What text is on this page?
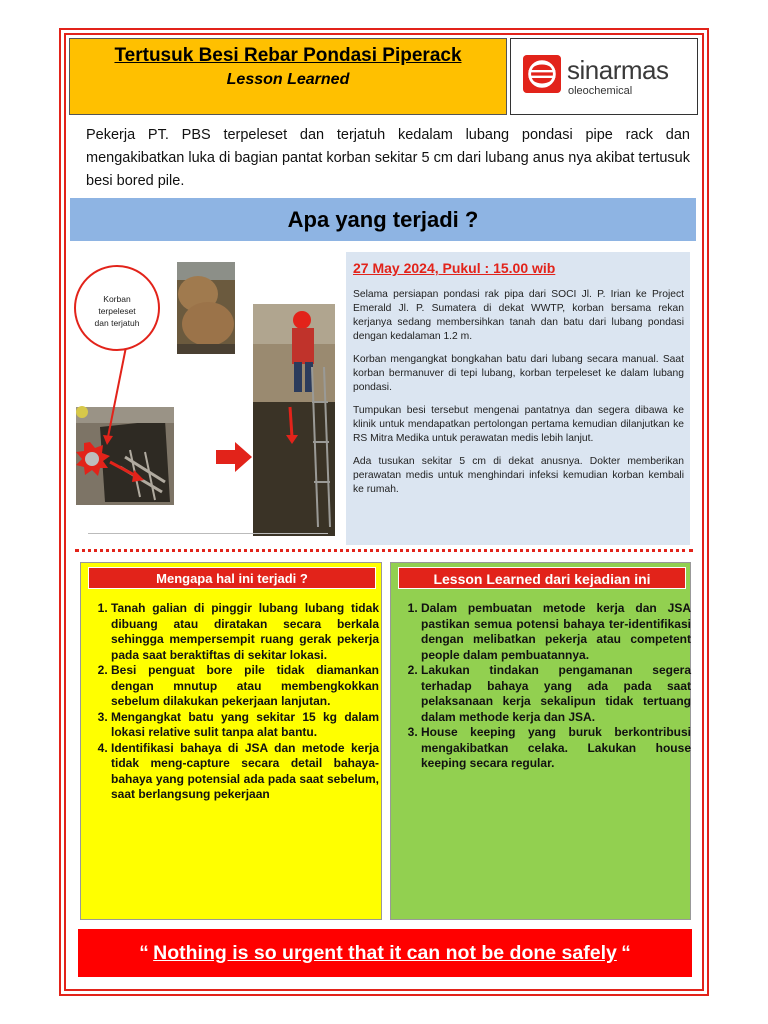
Tertusuk Besi Rebar Pondasi Piperack
Lesson Learned	sinarmas
oleochemical
Pekerja PT. PBS terpeleset dan terjatuh kedalam lubang pondasi pipe rack dan mengakibatkan luka di bagian pantat korban sekitar 5 cm dari lubang anus nya akibat tertusuk besi bored pile.
Apa yang terjadi ?
Korban
terpeleset
dan terjatuh
27 May 2024, Pukul : 15.00 wib

Selama persiapan pondasi rak pipa dari SOCI Jl. P. Irian ke Project Emerald Jl. P. Sumatera di dekat WWTP, korban bersama rekan kerjanya sedang membersihkan tanah dan batu dari lubang pondasi dengan kedalaman 1.2 m.

Korban mengangkat bongkahan batu dari lubang secara manual. Saat korban bermanuver di tepi lubang, korban terpeleset ke dalam lubang pondasi.

Tumpukan besi tersebut mengenai pantatnya dan segera dibawa ke klinik untuk mendapatkan pertolongan pertama kemudian dilanjutkan ke RS Mitra Medika untuk perawatan medis lebih lanjut.

Ada tusukan sekitar 5 cm di dekat anusnya. Dokter memberikan perawatan medis untuk menghindari infeksi kemudian korban kembali ke rumah.

Mengapa hal ini terjadi ?
1. Tanah galian di pinggir lubang lubang tidak dibuang atau diratakan secara berkala sehingga mempersempit ruang gerak pekerja pada saat beraktiftas di sekitar lokasi.
2. Besi penguat bore pile tidak diamankan dengan mnutup atau membengkokkan sebelum dilakukan pekerjaan lanjutan.
3. Mengangkat batu yang sekitar 15 kg dalam lokasi relative sulit tanpa alat bantu.
4. Identifikasi bahaya di JSA dan metode kerja tidak meng-capture secara detail bahaya-bahaya yang potensial ada pada saat sebelum, saat berlangsung pekerjaan
Lesson Learned dari kejadian ini
1. Dalam pembuatan metode kerja dan JSA pastikan semua potensi bahaya ter-identifikasi dengan melibatkan pekerja atau competent people dalam pembuatannya.
2. Lakukan tindakan pengamanan segera terhadap bahaya yang ada pada saat pelaksanaan kerja sekalipun tidak tertuang dalam methode kerja dan JSA.
3. House keeping yang buruk berkontribusi mengakibatkan celaka. Lakukan house keeping secara regular.
“ Nothing is so urgent that it can not be done safely “
